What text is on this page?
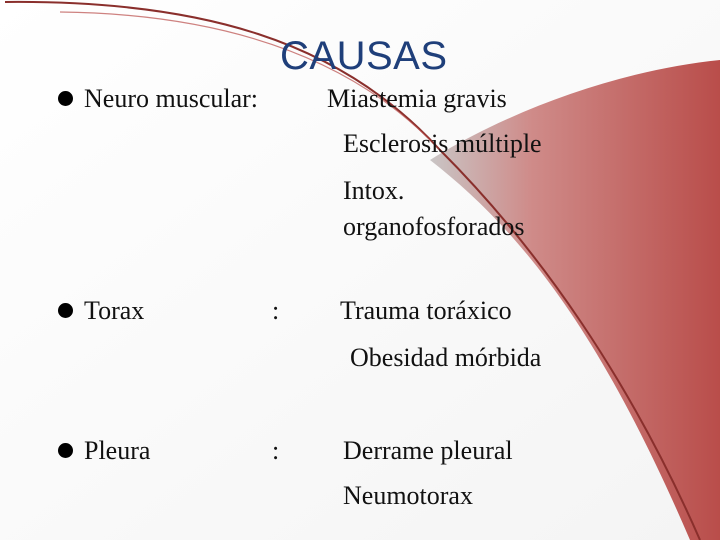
CAUSAS
Neuro muscular:	Miastemia gravis
Esclerosis múltiple
Intox.
organofosforados
Torax	: Trauma toráxico
Obesidad mórbida
Pleura	: Derrame pleural
Neumotorax
